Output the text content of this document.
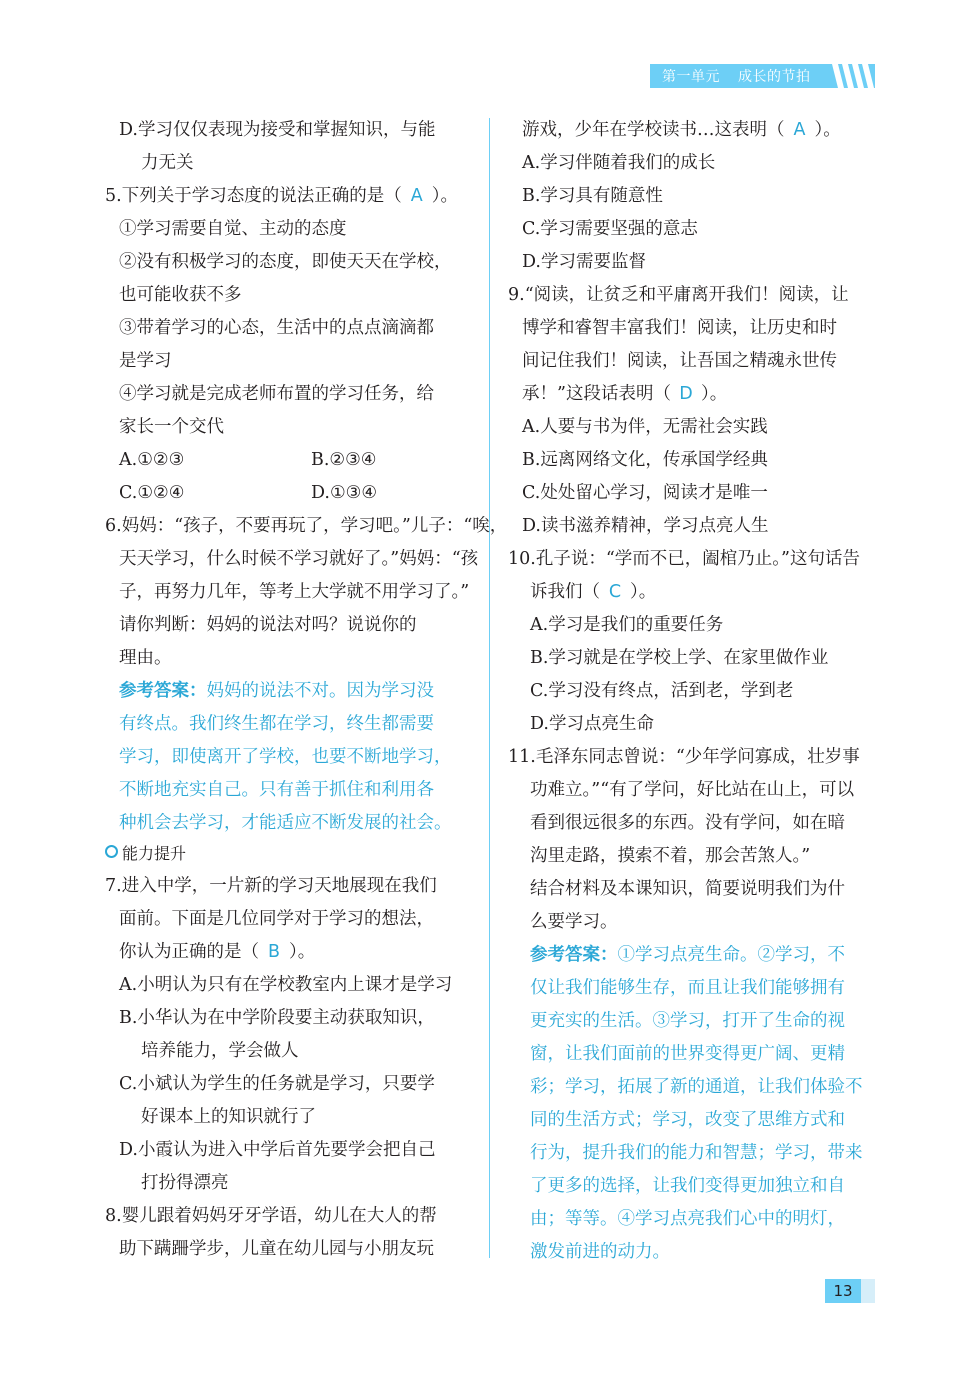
第一单元 成长的节拍
D.学习仅仅表现为接受和掌握知识，与能
力无关
5.下列关于学习态度的说法正确的是（ A ）。
①学习需要自觉、主动的态度
②没有积极学习的态度，即使天天在学校，
也可能收获不多
③带着学习的心态，生活中的点点滴滴都
是学习
④学习就是完成老师布置的学习任务，给
家长一个交代
A.①②③	B.②③④
C.①②④	D.①③④
6.妈妈：“孩子，不要再玩了，学习吧。”儿子：“唉，
天天学习，什么时候不学习就好了。”妈妈：“孩
子，再努力几年，等考上大学就不用学习了。”
请你判断：妈妈的说法对吗？说说你的
理由。
参考答案：妈妈的说法不对。因为学习没
有终点。我们终生都在学习，终生都需要
学习，即使离开了学校，也要不断地学习，
不断地充实自己。只有善于抓住和利用各
种机会去学习，才能适应不断发展的社会。
能力提升
7.进入中学，一片新的学习天地展现在我们
面前。下面是几位同学对于学习的想法，
你认为正确的是（ B ）。
A.小明认为只有在学校教室内上课才是学习
B.小华认为在中学阶段要主动获取知识，
培养能力，学会做人
C.小斌认为学生的任务就是学习，只要学
好课本上的知识就行了
D.小霞认为进入中学后首先要学会把自己
打扮得漂亮
8.婴儿跟着妈妈牙牙学语，幼儿在大人的帮
助下蹒跚学步，儿童在幼儿园与小朋友玩
游戏，少年在学校读书…这表明（ A ）。
A.学习伴随着我们的成长
B.学习具有随意性
C.学习需要坚强的意志
D.学习需要监督
9.“阅读，让贫乏和平庸离开我们！阅读，让
博学和睿智丰富我们！阅读，让历史和时
间记住我们！阅读，让吾国之精魂永世传
承！”这段话表明（ D ）。
A.人要与书为伴，无需社会实践
B.远离网络文化，传承国学经典
C.处处留心学习，阅读才是唯一
D.读书滋养精神，学习点亮人生
10.孔子说：“学而不已，阖棺乃止。”这句话告
诉我们（ C ）。
A.学习是我们的重要任务
B.学习就是在学校上学、在家里做作业
C.学习没有终点，活到老，学到老
D.学习点亮生命
11.毛泽东同志曾说：“少年学问寡成，壮岁事
功难立。”“有了学问，好比站在山上，可以
看到很远很多的东西。没有学问，如在暗
沟里走路，摸索不着，那会苦煞人。”
结合材料及本课知识，简要说明我们为什
么要学习。
参考答案：①学习点亮生命。②学习，不
仅让我们能够生存，而且让我们能够拥有
更充实的生活。③学习，打开了生命的视
窗，让我们面前的世界变得更广阔、更精
彩；学习，拓展了新的通道，让我们体验不
同的生活方式；学习，改变了思维方式和
行为，提升我们的能力和智慧；学习，带来
了更多的选择，让我们变得更加独立和自
由；等等。④学习点亮我们心中的明灯，
激发前进的动力。
13
